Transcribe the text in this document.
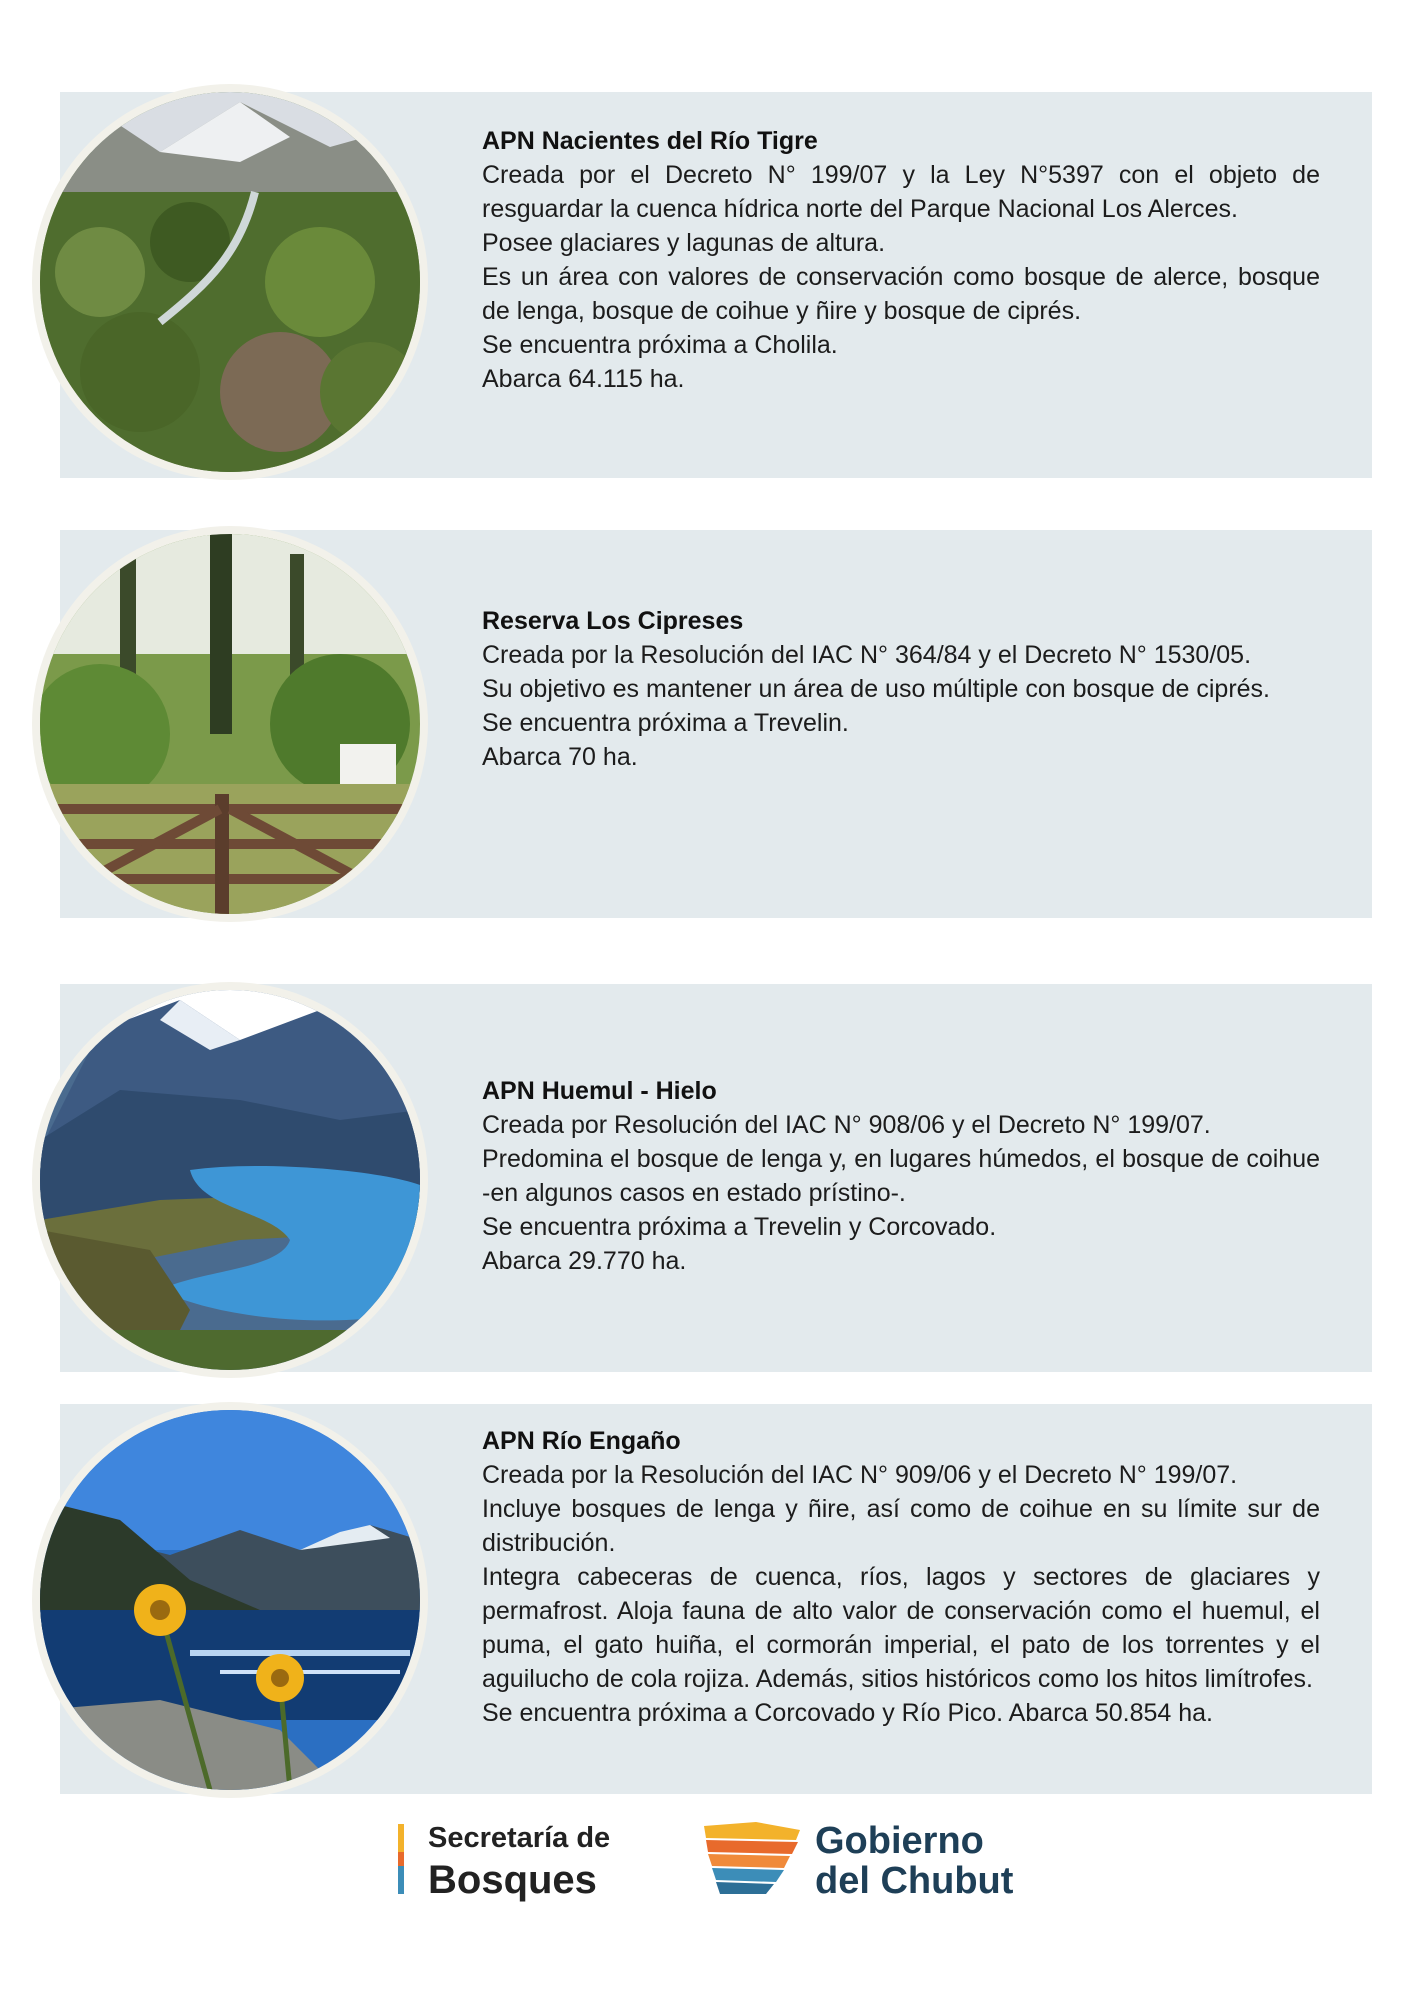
APN Nacientes del Río Tigre

Creada por el Decreto N° 199/07 y la Ley N°5397 con el objeto de resguardar la cuenca hídrica norte del Parque Nacional Los Alerces.

Posee glaciares y lagunas de altura.

Es un área con valores de conservación como bosque de alerce, bosque de lenga, bosque de coihue y ñire y bosque de ciprés.

Se encuentra próxima a Cholila.

Abarca 64.115 ha.

Reserva Los Cipreses

Creada por la Resolución del IAC N° 364/84 y el Decreto N° 1530/05.

Su objetivo es mantener un área de uso múltiple con bosque de ciprés.

Se encuentra próxima a Trevelin.

Abarca 70 ha.

APN Huemul - Hielo

Creada por Resolución del IAC N° 908/06 y el Decreto N° 199/07.

Predomina el bosque de lenga y, en lugares húmedos, el bosque de coihue -en algunos casos en estado prístino-.

Se encuentra próxima a Trevelin y Corcovado.

Abarca 29.770 ha.

APN Río Engaño

Creada por la Resolución del IAC N° 909/06 y el Decreto N° 199/07.

Incluye bosques de lenga y ñire, así como de coihue en su límite sur de distribución.

Integra cabeceras de cuenca, ríos, lagos y sectores de glaciares y permafrost. Aloja fauna de alto valor de conservación como el huemul, el puma, el gato huiña, el cormorán imperial, el pato de los torrentes y el aguilucho de cola rojiza. Además, sitios históricos como los hitos limítrofes.

Se encuentra próxima a Corcovado y Río Pico. Abarca 50.854 ha.

Secretaría de
Bosques
Gobierno
del Chubut
